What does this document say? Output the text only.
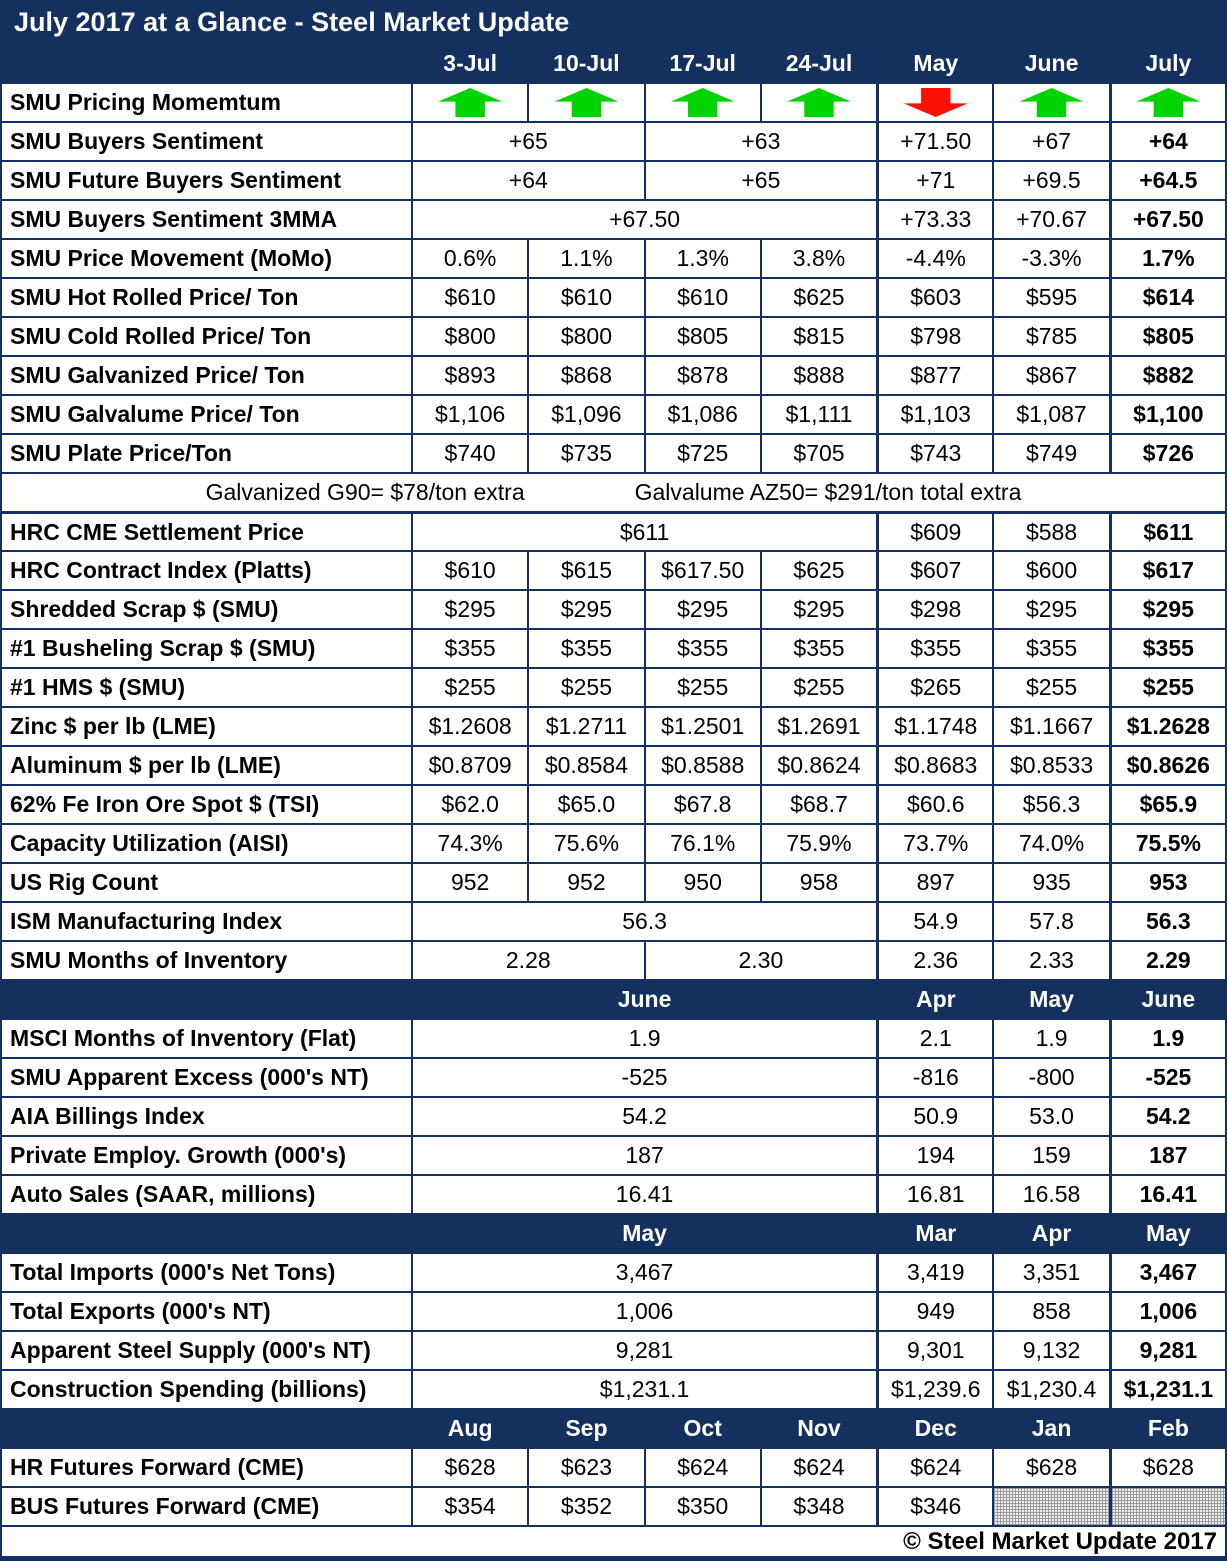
July 2017 at a Glance - Steel Market Update
3-Jul	10-Jul	17-Jul	24-Jul	May	June	July
SMU Pricing Momemtum
SMU Buyers Sentiment	+65	+63	+71.50	+67	+64
SMU Future Buyers Sentiment	+64	+65	+71	+69.5	+64.5
SMU Buyers Sentiment 3MMA	+67.50	+73.33	+70.67	+67.50
SMU Price Movement (MoMo)	0.6%	1.1%	1.3%	3.8%	-4.4%	-3.3%	1.7%
SMU Hot Rolled Price/ Ton	$610	$610	$610	$625	$603	$595	$614
SMU Cold Rolled Price/ Ton	$800	$800	$805	$815	$798	$785	$805
SMU Galvanized Price/ Ton	$893	$868	$878	$888	$877	$867	$882
SMU Galvalume Price/ Ton	$1,106	$1,096	$1,086	$1,111	$1,103	$1,087	$1,100
SMU Plate Price/Ton	$740	$735	$725	$705	$743	$749	$726
Galvanized G90= $78/ton extra	Galvalume AZ50= $291/ton total extra
HRC CME Settlement Price	$611	$609	$588	$611
HRC Contract Index (Platts)	$610	$615	$617.50	$625	$607	$600	$617
Shredded Scrap $ (SMU)	$295	$295	$295	$295	$298	$295	$295
#1 Busheling Scrap $ (SMU)	$355	$355	$355	$355	$355	$355	$355
#1 HMS $ (SMU)	$255	$255	$255	$255	$265	$255	$255
Zinc $ per lb (LME)	$1.2608	$1.2711	$1.2501	$1.2691	$1.1748	$1.1667	$1.2628
Aluminum $ per lb (LME)	$0.8709	$0.8584	$0.8588	$0.8624	$0.8683	$0.8533	$0.8626
62% Fe Iron Ore Spot $ (TSI)	$62.0	$65.0	$67.8	$68.7	$60.6	$56.3	$65.9
Capacity Utilization (AISI)	74.3%	75.6%	76.1%	75.9%	73.7%	74.0%	75.5%
US Rig Count	952	952	950	958	897	935	953
ISM Manufacturing Index	56.3	54.9	57.8	56.3
SMU Months of Inventory	2.28	2.30	2.36	2.33	2.29
June	Apr	May	June
MSCI Months of Inventory (Flat)	1.9	2.1	1.9	1.9
SMU Apparent Excess (000's NT)	-525	-816	-800	-525
AIA Billings Index	54.2	50.9	53.0	54.2
Private Employ. Growth (000's)	187	194	159	187
Auto Sales (SAAR, millions)	16.41	16.81	16.58	16.41
May	Mar	Apr	May
Total Imports (000's Net Tons)	3,467	3,419	3,351	3,467
Total Exports (000's NT)	1,006	949	858	1,006
Apparent Steel Supply (000's NT)	9,281	9,301	9,132	9,281
Construction Spending (billions)	$1,231.1	$1,239.6	$1,230.4	$1,231.1
Aug	Sep	Oct	Nov	Dec	Jan	Feb
HR Futures Forward (CME)	$628	$623	$624	$624	$624	$628	$628
BUS Futures Forward (CME)	$354	$352	$350	$348	$346
© Steel Market Update 2017
